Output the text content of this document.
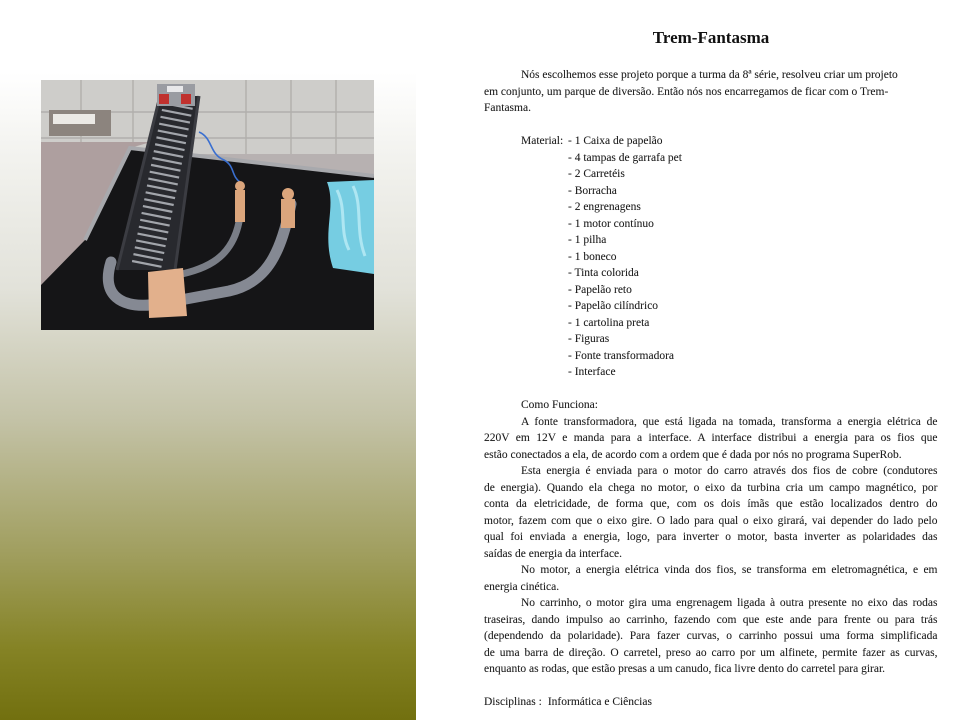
Trem-Fantasma
Nós escolhemos esse projeto porque a turma da 8ª série, resolveu criar um projeto
em conjunto, um parque de diversão. Então nós nos encarregamos de ficar com o Trem-
Fantasma.
Material: - 1 Caixa de papelão
- 4 tampas de garrafa pet
- 2 Carretéis
- Borracha
- 2 engrenagens
- 1 motor contínuo
- 1 pilha
- 1 boneco
- Tinta colorida
- Papelão reto
- Papelão cilíndrico
- 1 cartolina preta
- Figuras
- Fonte transformadora
- Interface
Como Funciona:
A fonte transformadora, que está ligada na tomada, transforma a energia elétrica de
220V em 12V e manda para a interface. A interface distribui a energia para os fios que
estão conectados a ela, de acordo com a ordem que é dada por nós no programa SuperRob.
Esta energia é enviada para o motor do carro através dos fios de cobre (condutores
de energia). Quando ela chega no motor, o eixo da turbina cria um campo magnético, por
conta da eletricidade, de forma que, com os dois ímãs que estão localizados dentro do
motor, fazem com que o eixo gire. O lado para qual o eixo girará, vai depender do lado pelo
qual foi enviada a energia, logo, para inverter o motor, basta inverter as polaridades das
saídas de energia da interface.
No motor, a energia elétrica vinda dos fios, se transforma em eletromagnética, e em
energia cinética.
No carrinho, o motor gira uma engrenagem ligada à outra presente no eixo das rodas
traseiras, dando impulso ao carrinho, fazendo com que este ande para frente ou para trás
(dependendo da polaridade). Para fazer curvas, o carrinho possui uma forma simplificada
de uma barra de direção. O carretel, preso ao carro por um alfinete, permite fazer as curvas,
enquanto as rodas, que estão presas a um canudo, fica livre dento do carretel para girar.
Disciplinas : Informática e Ciências
